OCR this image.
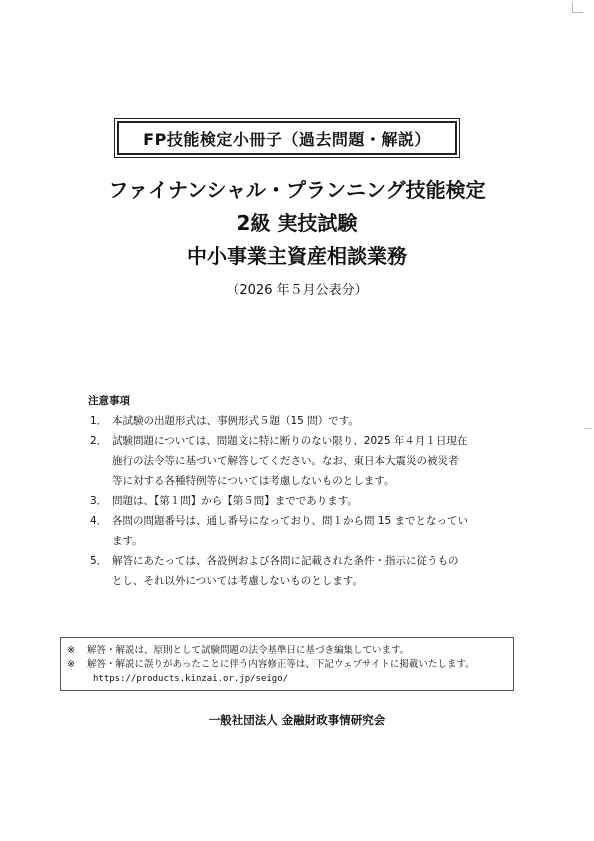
FP技能検定小冊子（過去問題・解説）
ファイナンシャル・プランニング技能検定
2級 実技試験
中小事業主資産相談業務
（2026 年５月公表分）
注意事項
1． 本試験の出題形式は、事例形式５題（15 問）です。
2． 試験問題については、問題文に特に断りのない限り、2025 年４月１日現在
施行の法令等に基づいて解答してください。なお、東日本大震災の被災者
等に対する各種特例等については考慮しないものとします。
3． 問題は、【第１問】から【第５問】までであります。
4． 各問の問題番号は、通し番号になっており、問１から問 15 までとなってい
ます。
5． 解答にあたっては、各設例および各問に記載された条件・指示に従うもの
とし、それ以外については考慮しないものとします。
※	解答・解説は、原則として試験問題の法令基準日に基づき編集しています。
※	解答・解説に誤りがあったことに伴う内容修正等は、下記ウェブサイトに掲載いたします。
https://products.kinzai.or.jp/seigo/
一般社団法人 金融財政事情研究会
